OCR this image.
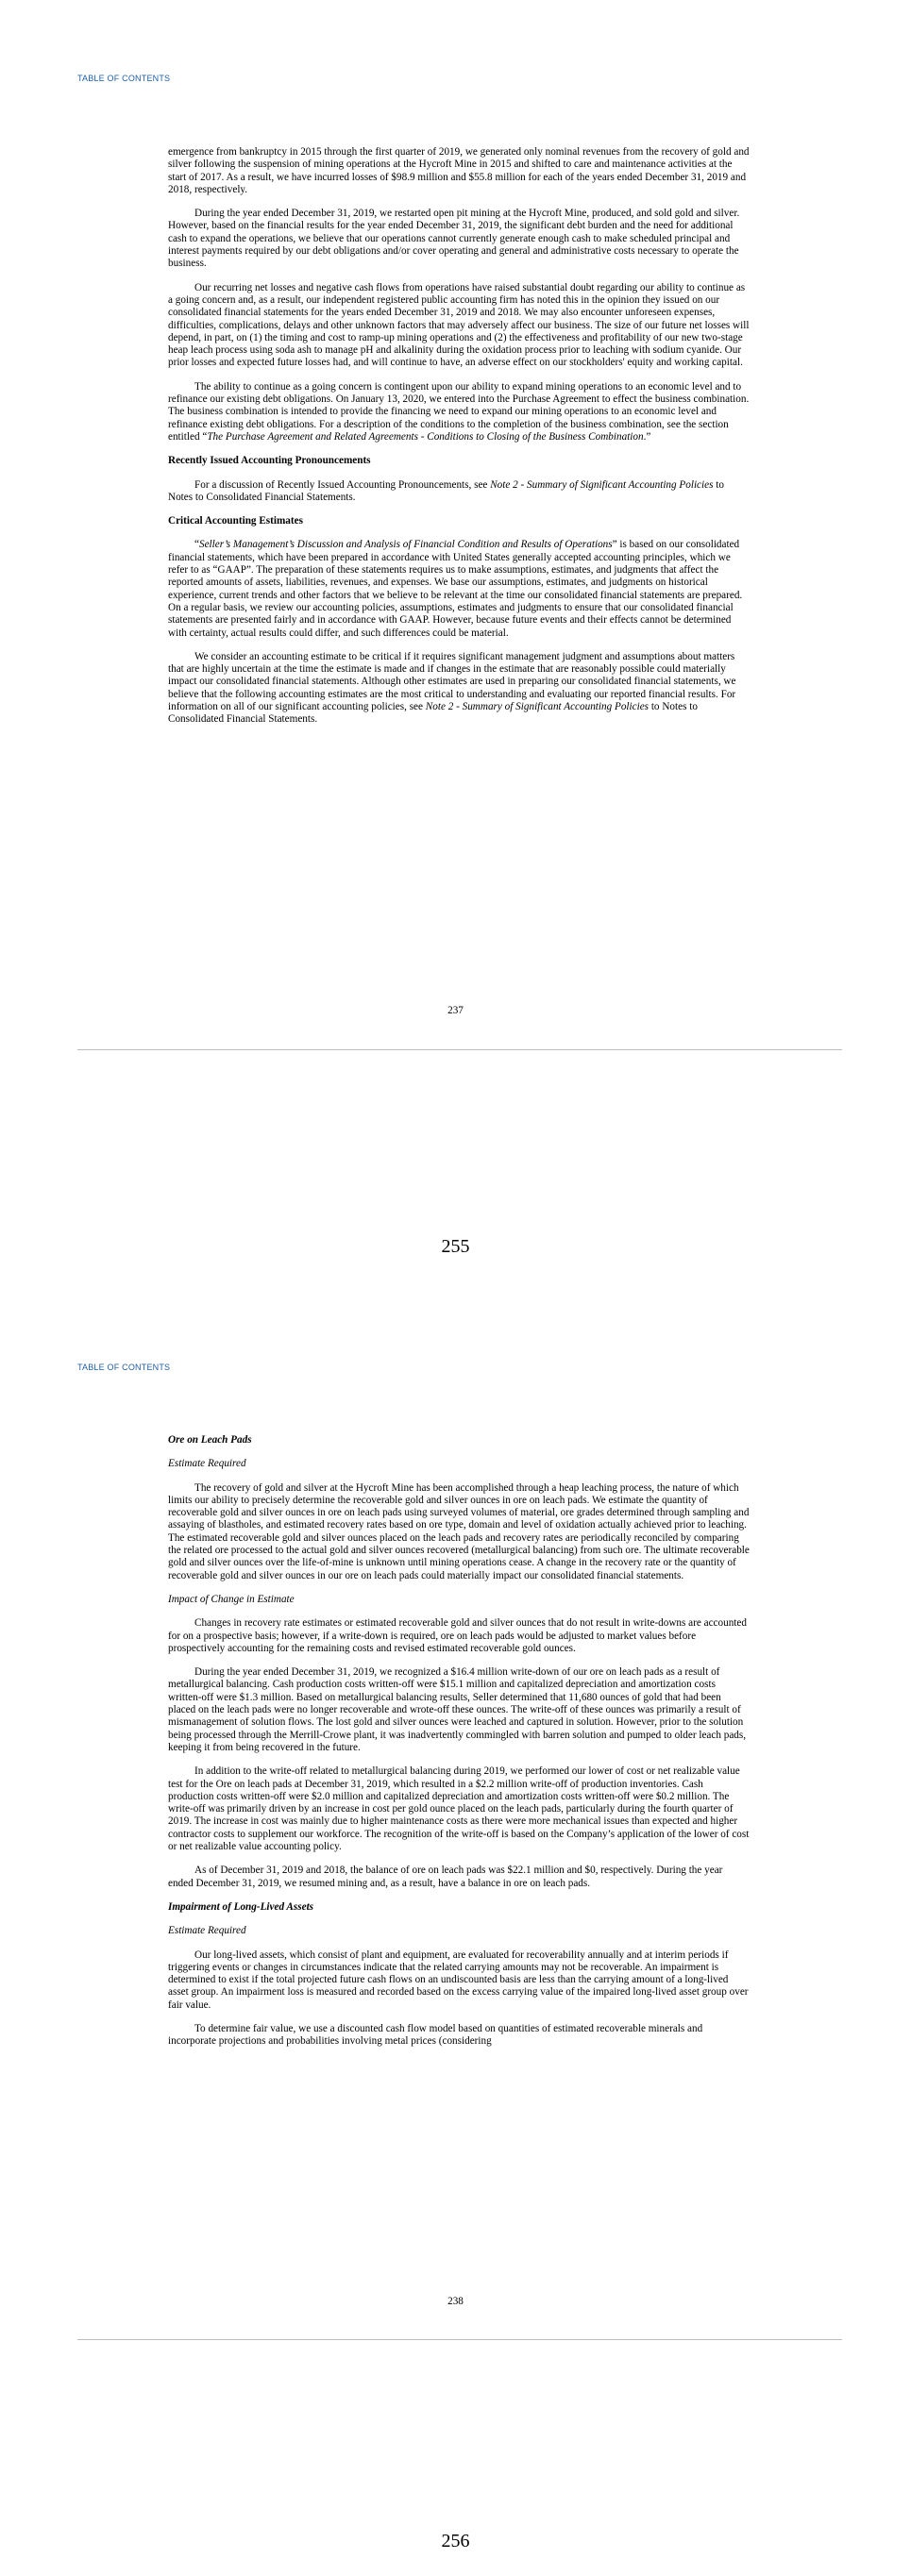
TABLE OF CONTENTS

emergence from bankruptcy in 2015 through the first quarter of 2019, we generated only nominal revenues from the recovery of gold and silver following the suspension of mining operations at the Hycroft Mine in 2015 and shifted to care and maintenance activities at the start of 2017. As a result, we have incurred losses of $98.9 million and $55.8 million for each of the years ended December 31, 2019 and 2018, respectively.

During the year ended December 31, 2019, we restarted open pit mining at the Hycroft Mine, produced, and sold gold and silver. However, based on the financial results for the year ended December 31, 2019, the significant debt burden and the need for additional cash to expand the operations, we believe that our operations cannot currently generate enough cash to make scheduled principal and interest payments required by our debt obligations and/or cover operating and general and administrative costs necessary to operate the business.

Our recurring net losses and negative cash flows from operations have raised substantial doubt regarding our ability to continue as a going concern and, as a result, our independent registered public accounting firm has noted this in the opinion they issued on our consolidated financial statements for the years ended December 31, 2019 and 2018. We may also encounter unforeseen expenses, difficulties, complications, delays and other unknown factors that may adversely affect our business. The size of our future net losses will depend, in part, on (1) the timing and cost to ramp-up mining operations and (2) the effectiveness and profitability of our new two-stage heap leach process using soda ash to manage pH and alkalinity during the oxidation process prior to leaching with sodium cyanide. Our prior losses and expected future losses had, and will continue to have, an adverse effect on our stockholders' equity and working capital.

The ability to continue as a going concern is contingent upon our ability to expand mining operations to an economic level and to refinance our existing debt obligations. On January 13, 2020, we entered into the Purchase Agreement to effect the business combination. The business combination is intended to provide the financing we need to expand our mining operations to an economic level and refinance existing debt obligations. For a description of the conditions to the completion of the business combination, see the section entitled “The Purchase Agreement and Related Agreements - Conditions to Closing of the Business Combination.”

Recently Issued Accounting Pronouncements

For a discussion of Recently Issued Accounting Pronouncements, see Note 2 - Summary of Significant Accounting Policies to Notes to Consolidated Financial Statements.

Critical Accounting Estimates

“Seller’s Management’s Discussion and Analysis of Financial Condition and Results of Operations” is based on our consolidated financial statements, which have been prepared in accordance with United States generally accepted accounting principles, which we refer to as “GAAP”. The preparation of these statements requires us to make assumptions, estimates, and judgments that affect the reported amounts of assets, liabilities, revenues, and expenses. We base our assumptions, estimates, and judgments on historical experience, current trends and other factors that we believe to be relevant at the time our consolidated financial statements are prepared. On a regular basis, we review our accounting policies, assumptions, estimates and judgments to ensure that our consolidated financial statements are presented fairly and in accordance with GAAP. However, because future events and their effects cannot be determined with certainty, actual results could differ, and such differences could be material.

We consider an accounting estimate to be critical if it requires significant management judgment and assumptions about matters that are highly uncertain at the time the estimate is made and if changes in the estimate that are reasonably possible could materially impact our consolidated financial statements. Although other estimates are used in preparing our consolidated financial statements, we believe that the following accounting estimates are the most critical to understanding and evaluating our reported financial results. For information on all of our significant accounting policies, see Note 2 - Summary of Significant Accounting Policies to Notes to Consolidated Financial Statements.

237
255
TABLE OF CONTENTS
Ore on Leach Pads
Estimate Required

The recovery of gold and silver at the Hycroft Mine has been accomplished through a heap leaching process, the nature of which limits our ability to precisely determine the recoverable gold and silver ounces in ore on leach pads. We estimate the quantity of recoverable gold and silver ounces in ore on leach pads using surveyed volumes of material, ore grades determined through sampling and assaying of blastholes, and estimated recovery rates based on ore type, domain and level of oxidation actually achieved prior to leaching. The estimated recoverable gold and silver ounces placed on the leach pads and recovery rates are periodically reconciled by comparing the related ore processed to the actual gold and silver ounces recovered (metallurgical balancing) from such ore. The ultimate recoverable gold and silver ounces over the life-of-mine is unknown until mining operations cease. A change in the recovery rate or the quantity of recoverable gold and silver ounces in our ore on leach pads could materially impact our consolidated financial statements.

Impact of Change in Estimate

Changes in recovery rate estimates or estimated recoverable gold and silver ounces that do not result in write-downs are accounted for on a prospective basis; however, if a write-down is required, ore on leach pads would be adjusted to market values before prospectively accounting for the remaining costs and revised estimated recoverable gold ounces.

During the year ended December 31, 2019, we recognized a $16.4 million write-down of our ore on leach pads as a result of metallurgical balancing. Cash production costs written-off were $15.1 million and capitalized depreciation and amortization costs written-off were $1.3 million. Based on metallurgical balancing results, Seller determined that 11,680 ounces of gold that had been placed on the leach pads were no longer recoverable and wrote-off these ounces. The write-off of these ounces was primarily a result of mismanagement of solution flows. The lost gold and silver ounces were leached and captured in solution. However, prior to the solution being processed through the Merrill-Crowe plant, it was inadvertently commingled with barren solution and pumped to older leach pads, keeping it from being recovered in the future.

In addition to the write-off related to metallurgical balancing during 2019, we performed our lower of cost or net realizable value test for the Ore on leach pads at December 31, 2019, which resulted in a $2.2 million write-off of production inventories. Cash production costs written-off were $2.0 million and capitalized depreciation and amortization costs written-off were $0.2 million. The write-off was primarily driven by an increase in cost per gold ounce placed on the leach pads, particularly during the fourth quarter of 2019. The increase in cost was mainly due to higher maintenance costs as there were more mechanical issues than expected and higher contractor costs to supplement our workforce. The recognition of the write-off is based on the Company’s application of the lower of cost or net realizable value accounting policy.

As of December 31, 2019 and 2018, the balance of ore on leach pads was $22.1 million and $0, respectively. During the year ended December 31, 2019, we resumed mining and, as a result, have a balance in ore on leach pads.

Impairment of Long-Lived Assets
Estimate Required

Our long-lived assets, which consist of plant and equipment, are evaluated for recoverability annually and at interim periods if triggering events or changes in circumstances indicate that the related carrying amounts may not be recoverable. An impairment is determined to exist if the total projected future cash flows on an undiscounted basis are less than the carrying amount of a long-lived asset group. An impairment loss is measured and recorded based on the excess carrying value of the impaired long-lived asset group over fair value.

To determine fair value, we use a discounted cash flow model based on quantities of estimated recoverable minerals and incorporate projections and probabilities involving metal prices (considering

238
256
